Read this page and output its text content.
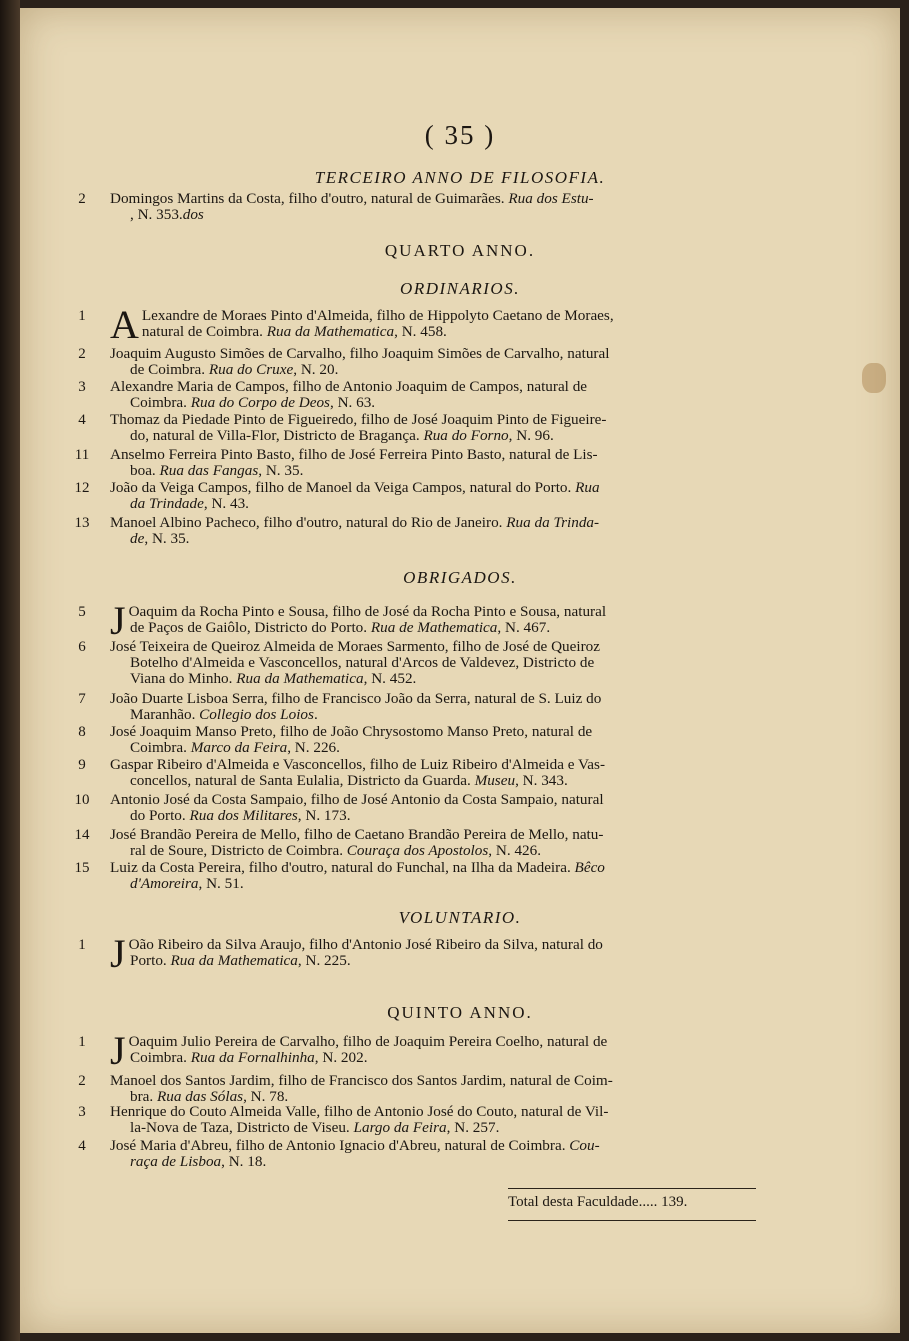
( 35 )
TERCEIRO ANNO DE FILOSOFIA.
2	Domingos Martins da Costa, filho d'outro, natural de Guimarães. Rua dos Estu-
, N. 353.dos
QUARTO ANNO.
ORDINARIOS.
1 A Lexandre de Moraes Pinto d'Almeida, filho de Hippolyto Caetano de Moraes,
natural de Coimbra. Rua da Mathematica, N. 458.
2	Joaquim Augusto Simões de Carvalho, filho Joaquim Simões de Carvalho, natural
de Coimbra. Rua do Cruxe, N. 20.
3	Alexandre Maria de Campos, filho de Antonio Joaquim de Campos, natural de
Coimbra. Rua do Corpo de Deos, N. 63.
4	Thomaz da Piedade Pinto de Figueiredo, filho de José Joaquim Pinto de Figueire-
do, natural de Villa-Flor, Districto de Bragança. Rua do Forno, N. 96.
11	Anselmo Ferreira Pinto Basto, filho de José Ferreira Pinto Basto, natural de Lis-
boa. Rua das Fangas, N. 35.
12	João da Veiga Campos, filho de Manoel da Veiga Campos, natural do Porto. Rua
da Trindade, N. 43.
13	Manoel Albino Pacheco, filho d'outro, natural do Rio de Janeiro. Rua da Trinda-
de, N. 35.
OBRIGADOS.
5 J Oaquim da Rocha Pinto e Sousa, filho de José da Rocha Pinto e Sousa, natural
de Paços de Gaiôlo, Districto do Porto. Rua de Mathematica, N. 467.
6	José Teixeira de Queiroz Almeida de Moraes Sarmento, filho de José de Queiroz
Botelho d'Almeida e Vasconcellos, natural d'Arcos de Valdevez, Districto de
Viana do Minho. Rua da Mathematica, N. 452.
7	João Duarte Lisboa Serra, filho de Francisco João da Serra, natural de S. Luiz do
Maranhão. Collegio dos Loios.
8	José Joaquim Manso Preto, filho de João Chrysostomo Manso Preto, natural de
Coimbra. Marco da Feira, N. 226.
9	Gaspar Ribeiro d'Almeida e Vasconcellos, filho de Luiz Ribeiro d'Almeida e Vas-
concellos, natural de Santa Eulalia, Districto da Guarda. Museu, N. 343.
10	Antonio José da Costa Sampaio, filho de José Antonio da Costa Sampaio, natural
do Porto. Rua dos Militares, N. 173.
14	José Brandão Pereira de Mello, filho de Caetano Brandão Pereira de Mello, natu-
ral de Soure, Districto de Coimbra. Couraça dos Apostolos, N. 426.
15	Luiz da Costa Pereira, filho d'outro, natural do Funchal, na Ilha da Madeira. Bêco
d'Amoreira, N. 51.
VOLUNTARIO.
1 J Oão Ribeiro da Silva Araujo, filho d'Antonio José Ribeiro da Silva, natural do
Porto. Rua da Mathematica, N. 225.
QUINTO ANNO.
1 J Oaquim Julio Pereira de Carvalho, filho de Joaquim Pereira Coelho, natural de
Coimbra. Rua da Fornalhinha, N. 202.
2	Manoel dos Santos Jardim, filho de Francisco dos Santos Jardim, natural de Coim-
bra. Rua das Sólas, N. 78.
3	Henrique do Couto Almeida Valle, filho de Antonio José do Couto, natural de Vil-
la-Nova de Taza, Districto de Viseu. Largo da Feira, N. 257.
4	José Maria d'Abreu, filho de Antonio Ignacio d'Abreu, natural de Coimbra. Cou-
raça de Lisboa, N. 18.
Total desta Faculdade..... 139.
